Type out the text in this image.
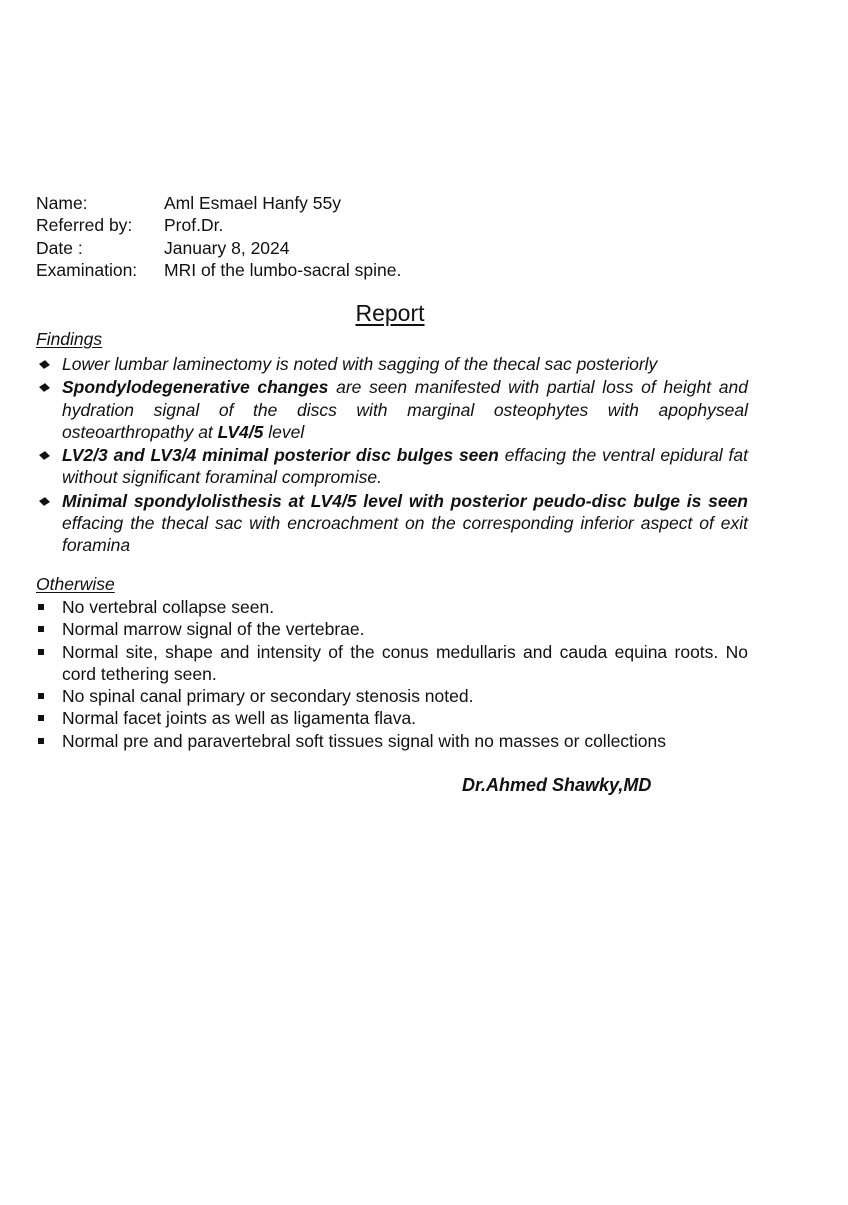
Name:	Aml Esmael Hanfy 55y
Referred by:	Prof.Dr.
Date :	January 8, 2024
Examination:	MRI of the lumbo-sacral spine.
Report
Findings
Lower lumbar laminectomy is noted with sagging of the thecal sac posteriorly
Spondylodegenerative changes are seen manifested with partial loss of height and hydration signal of the discs with marginal osteophytes with apophyseal osteoarthropathy at LV4/5 level
LV2/3 and LV3/4 minimal posterior disc bulges seen effacing the ventral epidural fat without significant foraminal compromise.
Minimal spondylolisthesis at LV4/5 level with posterior peudo-disc bulge is seen effacing the thecal sac with encroachment on the corresponding inferior aspect of exit foramina
Otherwise
No vertebral collapse seen.
Normal marrow signal of the vertebrae.
Normal site, shape and intensity of the conus medullaris and cauda equina roots. No cord tethering seen.
No spinal canal primary or secondary stenosis noted.
Normal facet joints as well as ligamenta flava.
Normal pre and paravertebral soft tissues signal with no masses or collections
Dr.Ahmed Shawky,MD
